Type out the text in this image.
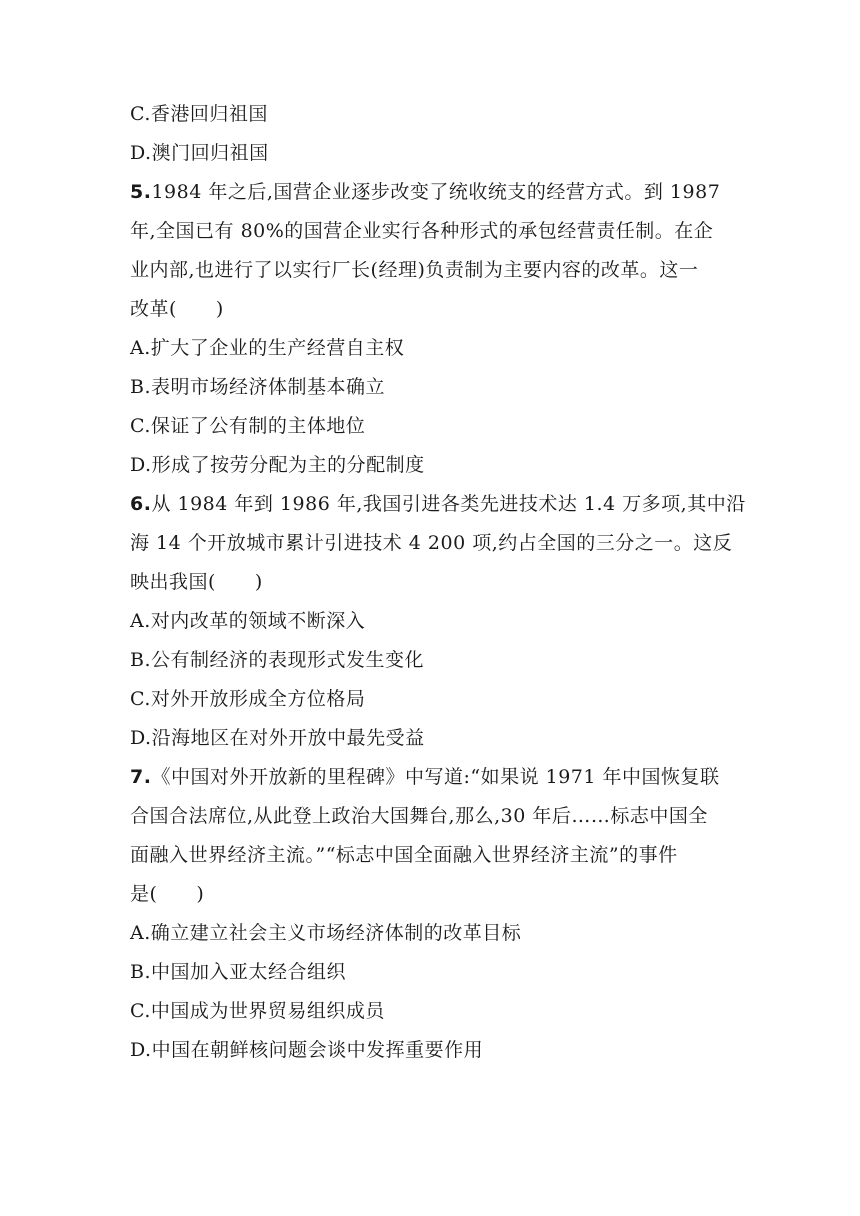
C.香港回归祖国
D.澳门回归祖国
5.1984 年之后,国营企业逐步改变了统收统支的经营方式。到 1987
年,全国已有 80%的国营企业实行各种形式的承包经营责任制。在企
业内部,也进行了以实行厂长(经理)负责制为主要内容的改革。这一
改革(　　)
A.扩大了企业的生产经营自主权
B.表明市场经济体制基本确立
C.保证了公有制的主体地位
D.形成了按劳分配为主的分配制度
6.从 1984 年到 1986 年,我国引进各类先进技术达 1.4 万多项,其中沿
海 14 个开放城市累计引进技术 4 200 项,约占全国的三分之一。这反
映出我国(　　)
A.对内改革的领域不断深入
B.公有制经济的表现形式发生变化
C.对外开放形成全方位格局
D.沿海地区在对外开放中最先受益
7.《中国对外开放新的里程碑》中写道:“如果说 1971 年中国恢复联
合国合法席位,从此登上政治大国舞台,那么,30 年后……标志中国全
面融入世界经济主流。”“标志中国全面融入世界经济主流”的事件
是(　　)
A.确立建立社会主义市场经济体制的改革目标
B.中国加入亚太经合组织
C.中国成为世界贸易组织成员
D.中国在朝鲜核问题会谈中发挥重要作用
